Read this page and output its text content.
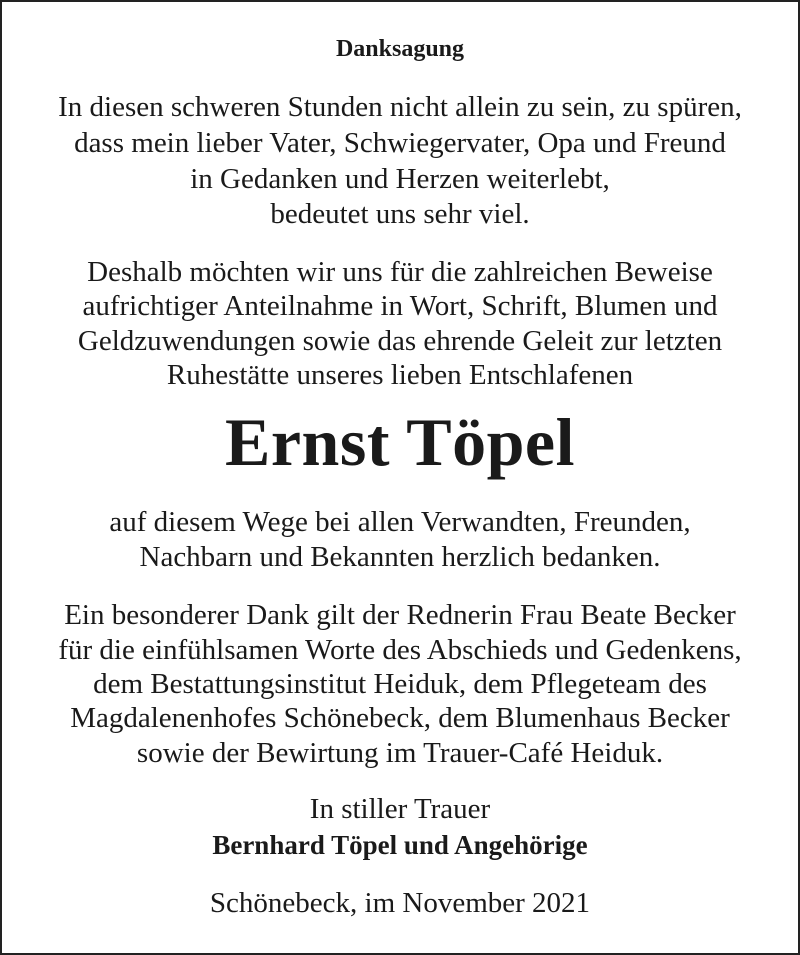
Danksagung
In diesen schweren Stunden nicht allein zu sein, zu spüren,
dass mein lieber Vater, Schwiegervater, Opa und Freund
in Gedanken und Herzen weiterlebt,
bedeutet uns sehr viel.
Deshalb möchten wir uns für die zahlreichen Beweise
aufrichtiger Anteilnahme in Wort, Schrift, Blumen und
Geldzuwendungen sowie das ehrende Geleit zur letzten
Ruhestätte unseres lieben Entschlafenen
Ernst Töpel
auf diesem Wege bei allen Verwandten, Freunden,
Nachbarn und Bekannten herzlich bedanken.
Ein besonderer Dank gilt der Rednerin Frau Beate Becker
für die einfühlsamen Worte des Abschieds und Gedenkens,
dem Bestattungsinstitut Heiduk, dem Pflegeteam des
Magdalenenhofes Schönebeck, dem Blumenhaus Becker
sowie der Bewirtung im Trauer-Café Heiduk.
In stiller Trauer
Bernhard Töpel und Angehörige
Schönebeck, im November 2021
